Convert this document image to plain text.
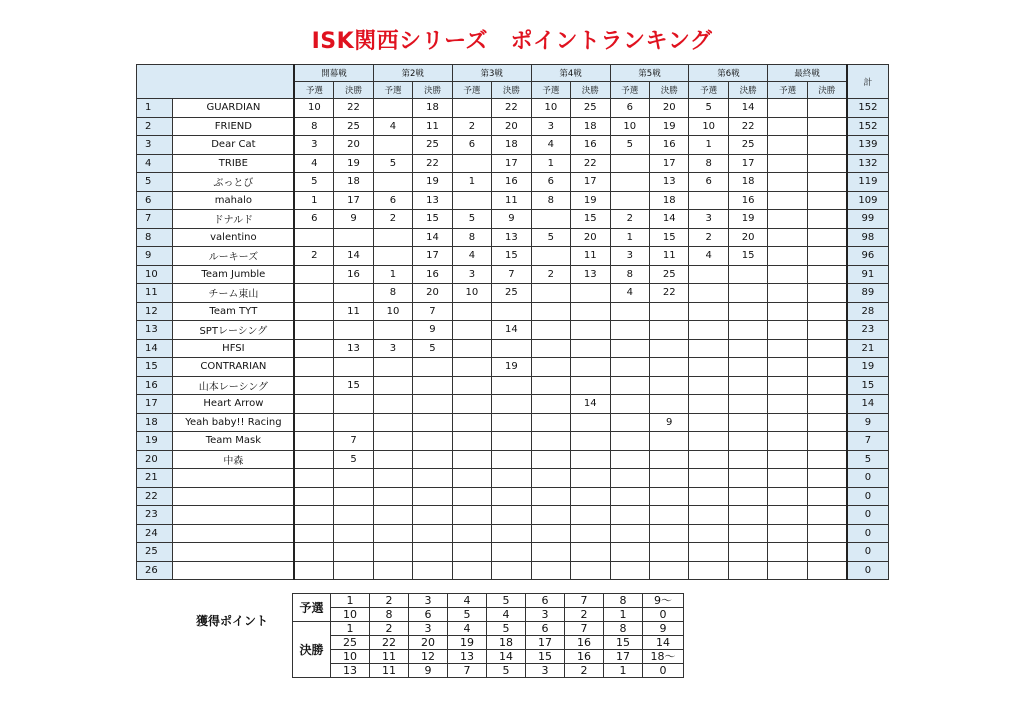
ISK関西シリーズ　ポイントランキング
		開幕戦		第2戦		第3戦		第4戦		第5戦		第6戦		最終戦		計
		予選	決勝	予選	決勝	予選	決勝	予選	決勝	予選	決勝	予選	決勝	予選	決勝	
1	GUARDIAN	10	22		18		22	10	25	6	20	5	14			152
2	FRIEND	8	25	4	11	2	20	3	18	10	19	10	22			152
3	Dear Cat	3	20		25	6	18	4	16	5	16	1	25			139
4	TRIBE	4	19	5	22		17	1	22		17	8	17			132
5	ぶっとび	5	18		19	1	16	6	17		13	6	18			119
6	mahalo	1	17	6	13		11	8	19		18		16			109
7	ドナルド	6	9	2	15	5	9		15	2	14	3	19			99
8	valentino				14	8	13	5	20	1	15	2	20			98
9	ルーキーズ	2	14		17	4	15		11	3	11	4	15			96
10	Team Jumble		16	1	16	3	7	2	13	8	25					91
11	チーム東山			8	20	10	25			4	22					89
12	Team TYT		11	10	7											28
13	SPTレーシング				9		14									23
14	HFSI		13	3	5											21
15	CONTRARIAN						19									19
16	山本レーシング		15													15
17	Heart Arrow								14							14
18	Yeah baby!! Racing										9					9
19	Team Mask		7													7
20	中森		5													5
21																0
22																0
23																0
24																0
25																0
26																0
獲得ポイント
予選	1	2	3	4	5	6	7	8	9〜
	10	8	6	5	4	3	2	1	0
決勝	1	2	3	4	5	6	7	8	9
	25	22	20	19	18	17	16	15	14
	10	11	12	13	14	15	16	17	18〜
	13	11	9	7	5	3	2	1	0
